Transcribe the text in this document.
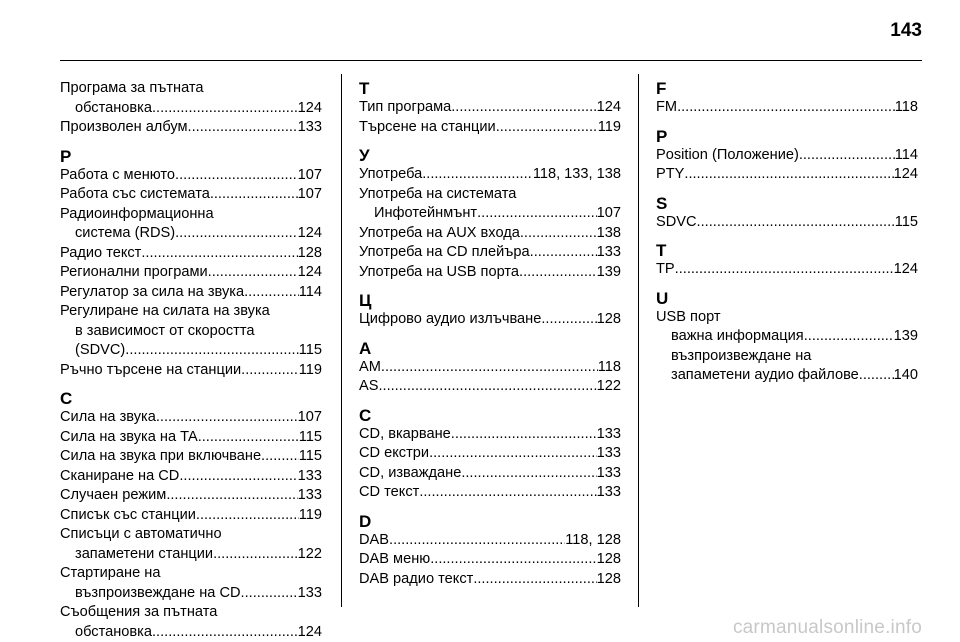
143
Програма за пътната
обстановка .....	124
Произволен албум .....	133
Р
Работа с менюто .....	107
Работа със системата .....	107
Радиоинформационна
система (RDS) .....	124
Радио текст .....	128
Регионални програми .....	124
Регулатор за сила на звука .....	114
Регулиране на силата на звука
в зависимост от скоростта
(SDVC) .....	115
Ръчно търсене на станции .....	119
С
Сила на звука .....	107
Сила на звука на TA .....	115
Сила на звука при включване. ..... 115
Сканиране на CD .....	133
Случаен режим .....	133
Списък със станции .....	119
Списъци с автоматично
запаметени станции .....	122
Стартиране на
възпроизвеждане на CD .....	133
Съобщения за пътната
обстановка .....	124
Т
Тип програма .....	124
Търсене на станции .....	119
У
Употреба .....	118, 133, 138
Употреба на системата
Инфотейнмънт .....	107
Употреба на AUX входа .....	138
Употреба на CD плейъра .....	133
Употреба на USB порта .....	139
Ц
Цифрово аудио излъчване .....	128
A
AM .....	118
AS .....	122
C
CD, вкарване .....	133
CD екстри .....	133
CD, изваждане .....	133
CD текст .....	133
D
DAB .....	118, 128
DAB меню .....	128
DAB радио текст .....	128
F
FM .....	118
P
Position (Положение) .....	114
PTY .....	124
S
SDVC .....	115
T
TP .....	124
U
USB порт
важна информация .....	139
възпроизвеждане на
запаметени аудио файлове. ..... 140
carmanualsonline.info
